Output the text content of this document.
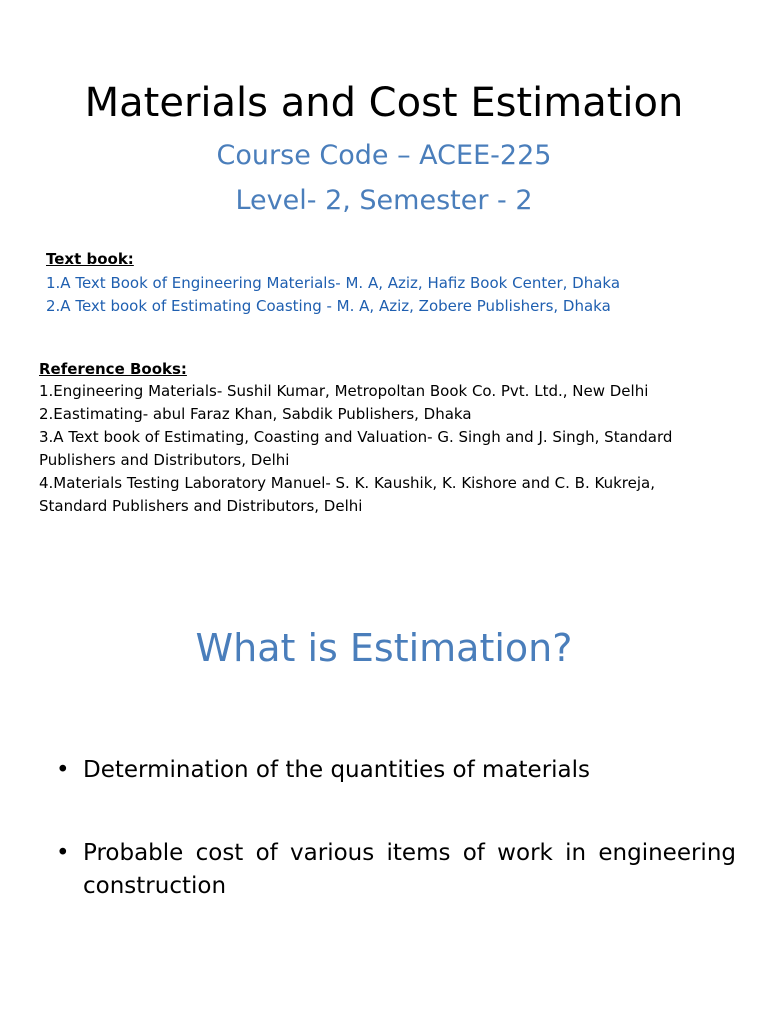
Materials and Cost Estimation
Course Code – ACEE-225
Level- 2, Semester - 2
Text book:
1.A Text Book of Engineering Materials- M. A, Aziz, Hafiz Book Center, Dhaka
2.A Text book of Estimating Coasting - M. A, Aziz, Zobere Publishers, Dhaka
Reference Books:
1.Engineering Materials- Sushil Kumar, Metropoltan Book Co. Pvt. Ltd., New Delhi
2.Eastimating- abul Faraz Khan, Sabdik Publishers, Dhaka
3.A Text book of Estimating, Coasting and Valuation- G. Singh and J. Singh, Standard Publishers and Distributors, Delhi
4.Materials Testing Laboratory Manuel- S. K. Kaushik, K. Kishore and C. B. Kukreja, Standard Publishers and Distributors, Delhi
What is Estimation?
• Determination of the quantities of materials
• Probable cost of various items of work in engineering construction
